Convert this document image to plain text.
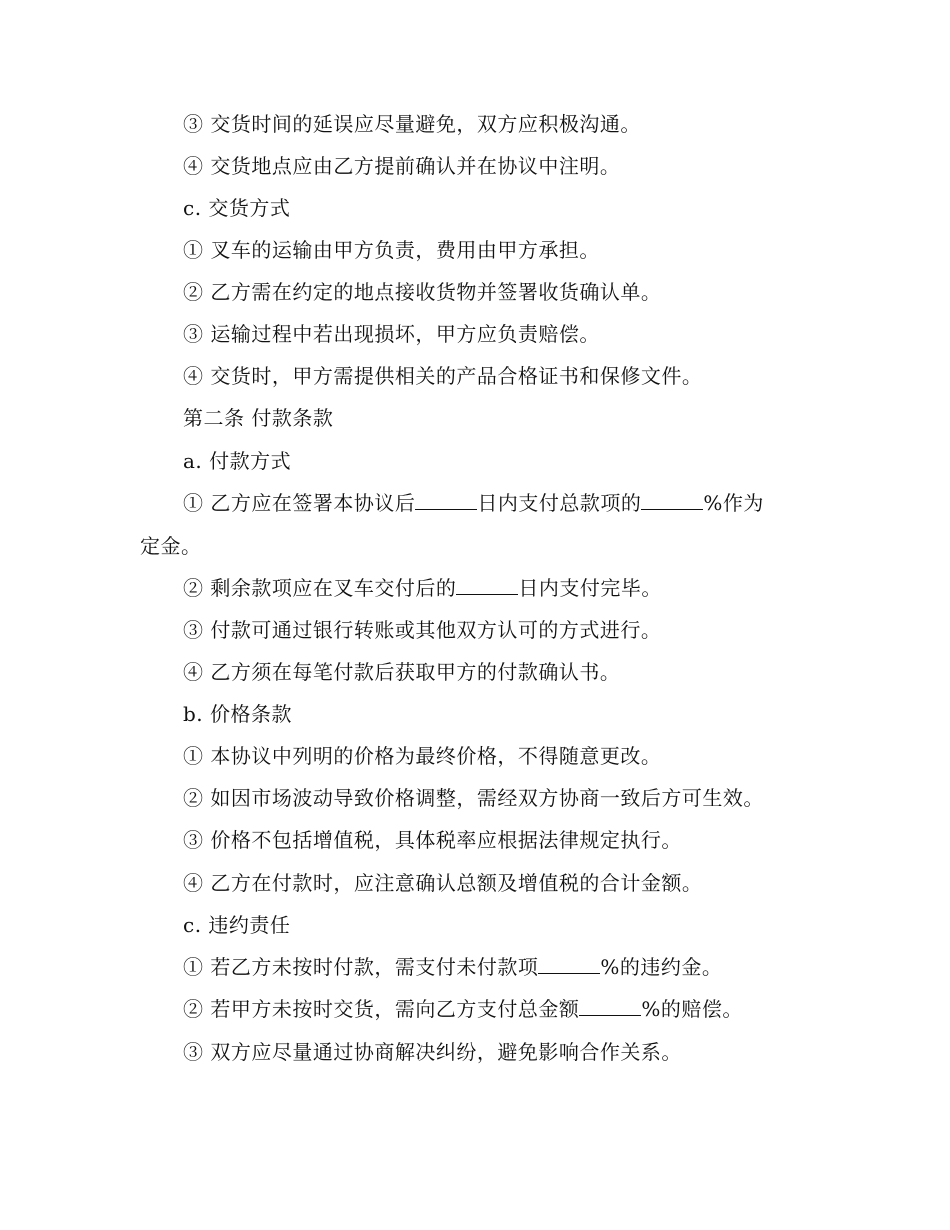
③ 交货时间的延误应尽量避免，双方应积极沟通。
④ 交货地点应由乙方提前确认并在协议中注明。
c. 交货方式
① 叉车的运输由甲方负责，费用由甲方承担。
② 乙方需在约定的地点接收货物并签署收货确认单。
③ 运输过程中若出现损坏，甲方应负责赔偿。
④ 交货时，甲方需提供相关的产品合格证书和保修文件。
第二条 付款条款
a. 付款方式
① 乙方应在签署本协议后	日内支付总款项的	%作为
定金。
② 剩余款项应在叉车交付后的	日内支付完毕。
③ 付款可通过银行转账或其他双方认可的方式进行。
④ 乙方须在每笔付款后获取甲方的付款确认书。
b. 价格条款
① 本协议中列明的价格为最终价格，不得随意更改。
② 如因市场波动导致价格调整，需经双方协商一致后方可生效。
③ 价格不包括增值税，具体税率应根据法律规定执行。
④ 乙方在付款时，应注意确认总额及增值税的合计金额。
c. 违约责任
① 若乙方未按时付款，需支付未付款项	%的违约金。
② 若甲方未按时交货，需向乙方支付总金额	%的赔偿。
③ 双方应尽量通过协商解决纠纷，避免影响合作关系。
